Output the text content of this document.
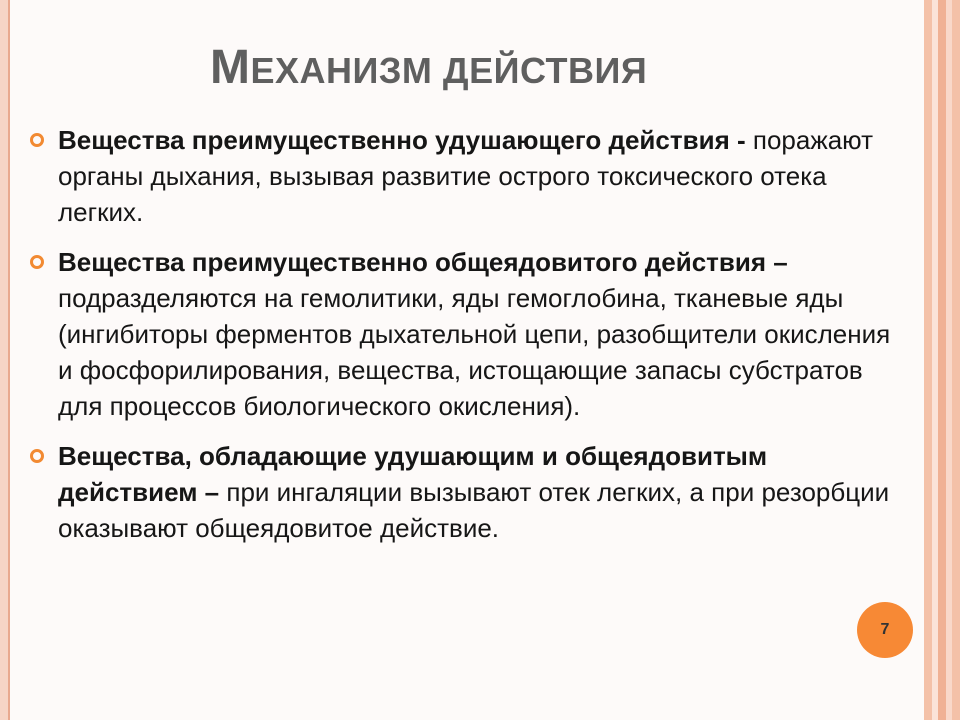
МЕХАНИЗМ ДЕЙСТВИЯ
Вещества преимущественно удушающего действия - поражают органы дыхания, вызывая развитие острого токсического отека легких.
Вещества преимущественно общеядовитого действия – подразделяются на гемолитики, яды гемоглобина, тканевые яды (ингибиторы ферментов дыхательной цепи, разобщители окисления и фосфорилирования, вещества, истощающие запасы субстратов для процессов биологического окисления).
Вещества, обладающие удушающим и общеядовитым действием – при ингаляции вызывают отек легких, а при резорбции оказывают общеядовитое действие.
7
